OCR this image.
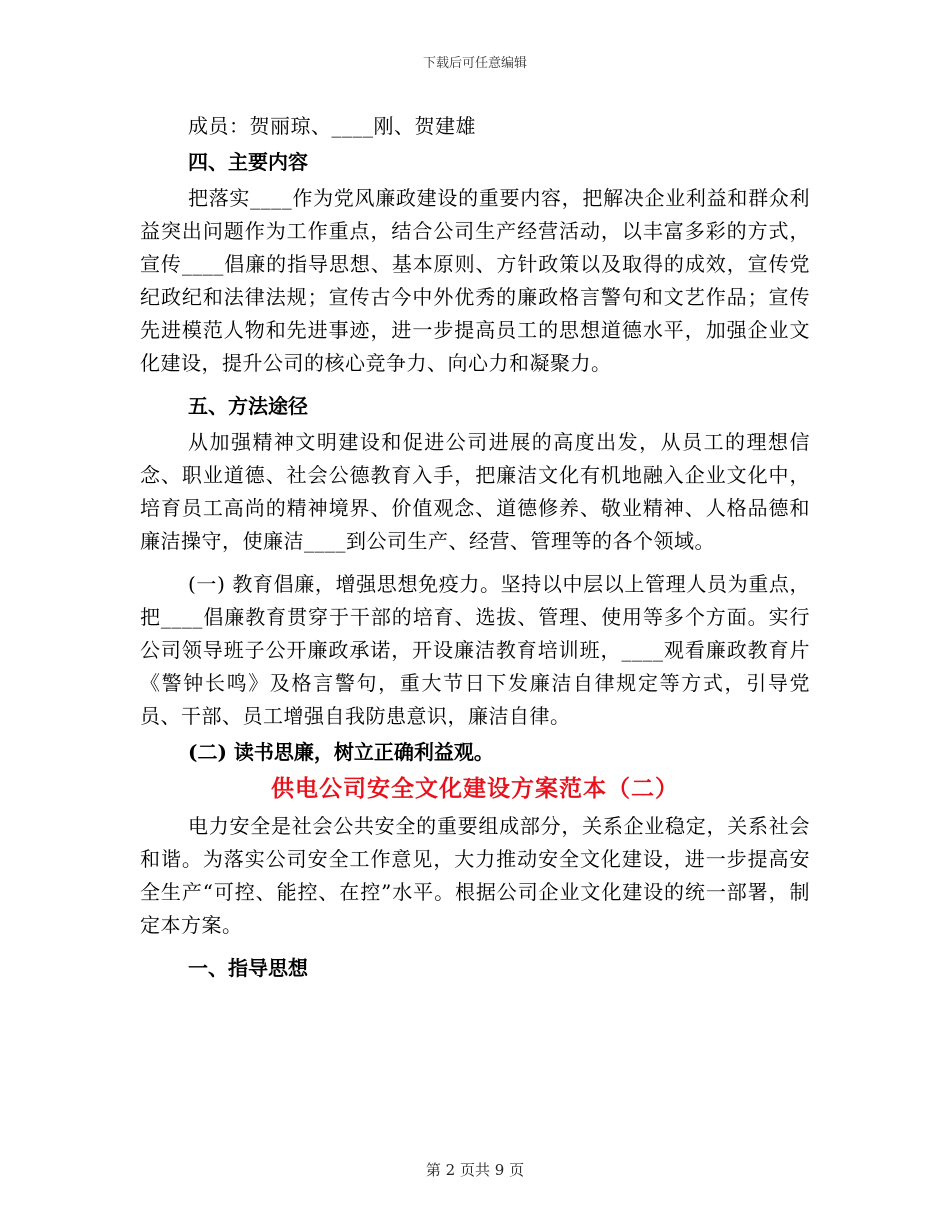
下载后可任意编辑

成员：贺丽琼、____刚、贺建雄

四、主要内容

把落实____作为党风廉政建设的重要内容，把解决企业利益和群众利益突出问题作为工作重点，结合公司生产经营活动，以丰富多彩的方式，宣传____倡廉的指导思想、基本原则、方针政策以及取得的成效，宣传党纪政纪和法律法规；宣传古今中外优秀的廉政格言警句和文艺作品；宣传先进模范人物和先进事迹，进一步提高员工的思想道德水平，加强企业文化建设，提升公司的核心竞争力、向心力和凝聚力。

五、方法途径

从加强精神文明建设和促进公司进展的高度出发，从员工的理想信念、职业道德、社会公德教育入手，把廉洁文化有机地融入企业文化中，培育员工高尚的精神境界、价值观念、道德修养、敬业精神、人格品德和廉洁操守，使廉洁____到公司生产、经营、管理等的各个领域。

(一) 教育倡廉，增强思想免疫力。坚持以中层以上管理人员为重点，把____倡廉教育贯穿于干部的培育、选拔、管理、使用等多个方面。实行公司领导班子公开廉政承诺，开设廉洁教育培训班，____观看廉政教育片《警钟长鸣》及格言警句，重大节日下发廉洁自律规定等方式，引导党员、干部、员工增强自我防患意识，廉洁自律。

(二) 读书思廉，树立正确利益观。

供电公司安全文化建设方案范本（二）

电力安全是社会公共安全的重要组成部分，关系企业稳定，关系社会和谐。为落实公司安全工作意见，大力推动安全文化建设，进一步提高安全生产“可控、能控、在控”水平。根据公司企业文化建设的统一部署，制定本方案。

一、指导思想

第 2 页共 9 页
